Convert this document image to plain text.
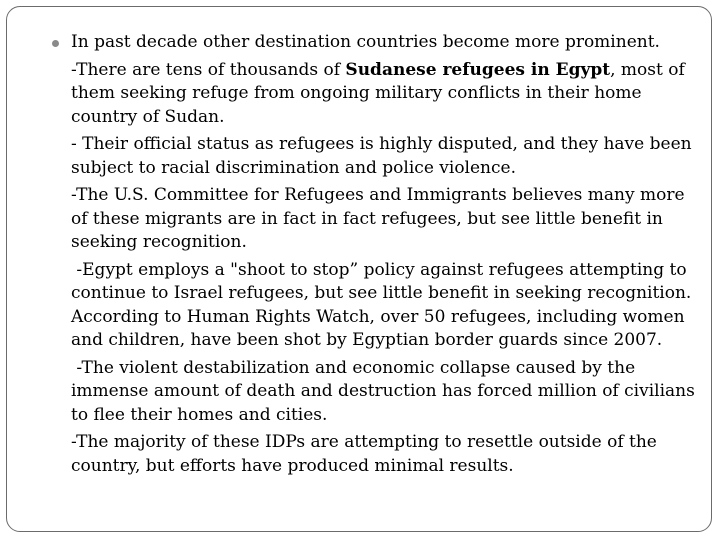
In past decade other destination countries become more prominent.

-There are tens of thousands of Sudanese refugees in Egypt, most of them seeking refuge from ongoing military conflicts in their home country of Sudan.

- Their official status as refugees is highly disputed, and they have been subject to racial discrimination and police violence.

-The U.S. Committee for Refugees and Immigrants believes many more of these migrants are in fact in fact refugees, but see little benefit in seeking recognition.

-Egypt employs a "shoot to stop” policy against refugees attempting to continue to Israel refugees, but see little benefit in seeking recognition. According to Human Rights Watch, over 50 refugees, including women and children, have been shot by Egyptian border guards since 2007.

-The violent destabilization and economic collapse caused by the immense amount of death and destruction has forced million of civilians to flee their homes and cities.

-The majority of these IDPs are attempting to resettle outside of the country, but efforts have produced minimal results.
